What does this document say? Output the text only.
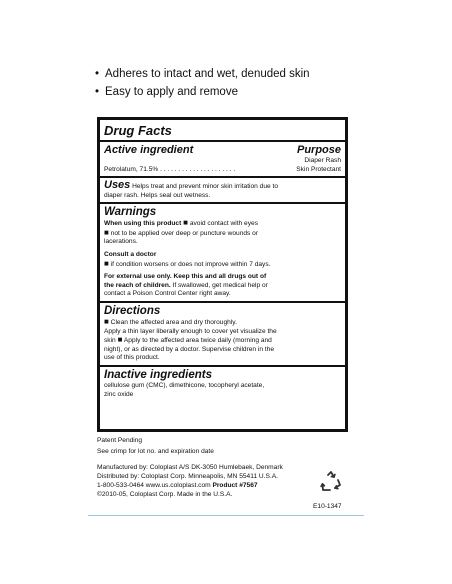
• Adheres to intact and wet, denuded skin
• Easy to apply and remove
Drug Facts
Active ingredient	Purpose
Diaper Rash
Petrolatum, 71.5% . . . . . . . . . . . . . . . . . . . . .	Skin Protectant
Uses Helps treat and prevent minor skin irritation due to
diaper rash. Helps seal out wetness.
Warnings
When using this product ■ avoid contact with eyes
■ not to be applied over deep or puncture wounds or
lacerations.
Consult a doctor
■ if condition worsens or does not improve within 7 days.
For external use only. Keep this and all drugs out of
the reach of children. If swallowed, get medical help or
contact a Poison Control Center right away.
Directions
■ Clean the affected area and dry thoroughly.
Apply a thin layer liberally enough to cover yet visualize the
skin ■ Apply to the affected area twice daily (morning and
night), or as directed by a doctor. Supervise children in the
use of this product.
Inactive ingredients
cellulose gum (CMC), dimethicone, tocopheryl acetate,
zinc oxide
Patent Pending
See crimp for lot no. and expiration date
Manufactured by: Coloplast A/S DK-3050 Humlebaek, Denmark
Distributed by: Coloplast Corp. Minneapolis, MN 55411 U.S.A.
1-800-533-0464 www.us.coloplast.com Product #7567
©2010-05, Coloplast Corp. Made in the U.S.A.
E10-1347
